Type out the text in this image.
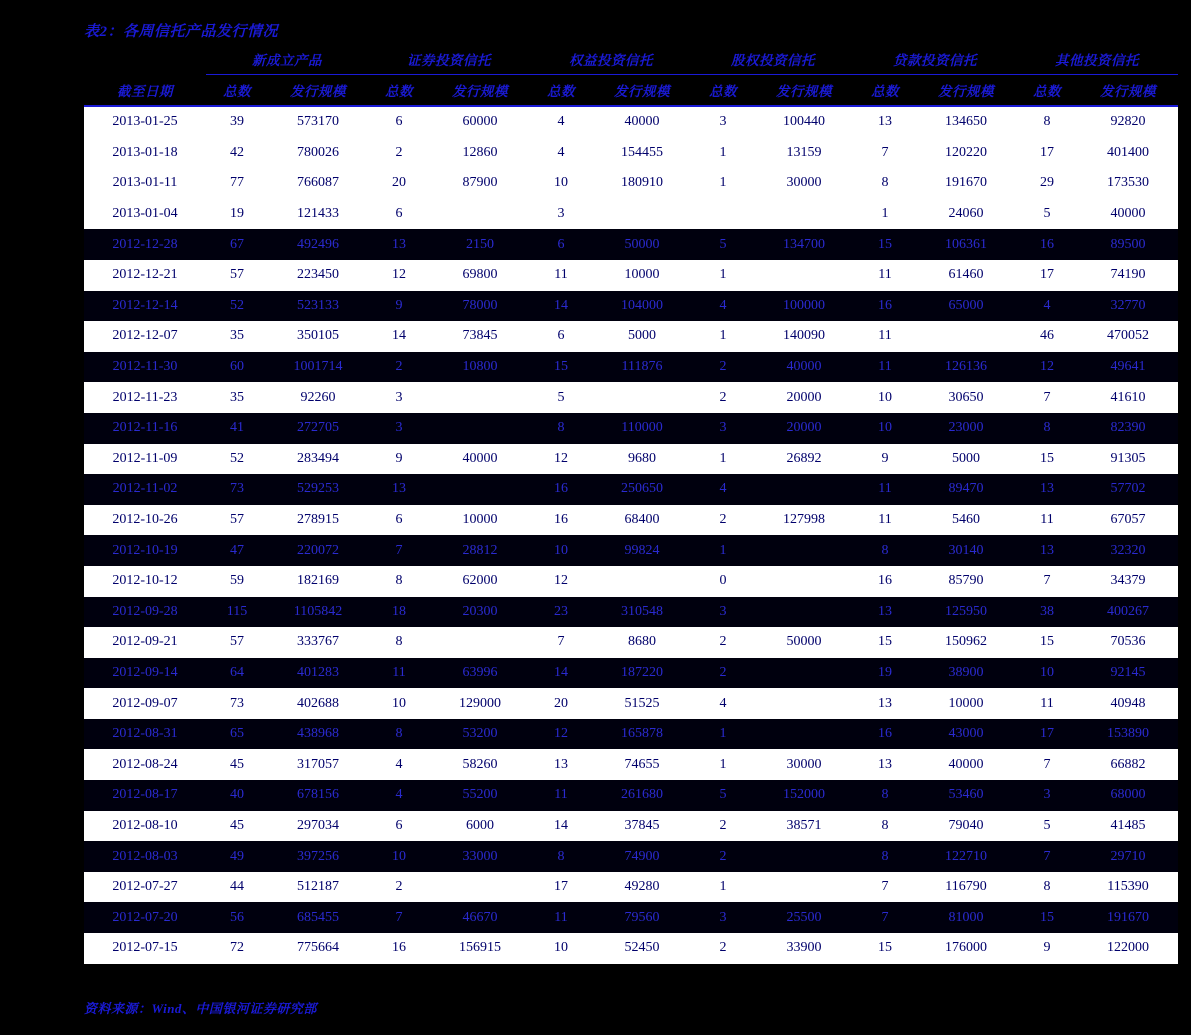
表2：各周信托产品发行情况
	新成立产品		证券投资信托		权益投资信托		股权投资信托		贷款投资信托		其他投资信托	
截至日期	总数	发行规模	总数	发行规模	总数	发行规模	总数	发行规模	总数	发行规模	总数	发行规模
2013-01-25	39	573170	6	60000	4	40000	3	100440	13	134650	8	92820
2013-01-18	42	780026	2	12860	4	154455	1	13159	7	120220	17	401400
2013-01-11	77	766087	20	87900	10	180910	1	30000	8	191670	29	173530
2013-01-04	19	121433	6		3				1	24060	5	40000
2012-12-28	67	492496	13	2150	6	50000	5	134700	15	106361	16	89500
2012-12-21	57	223450	12	69800	11	10000	1		11	61460	17	74190
2012-12-14	52	523133	9	78000	14	104000	4	100000	16	65000	4	32770
2012-12-07	35	350105	14	73845	6	5000	1	140090	11		46	470052
2012-11-30	60	1001714	2	10800	15	111876	2	40000	11	126136	12	49641
2012-11-23	35	92260	3		5		2	20000	10	30650	7	41610
2012-11-16	41	272705	3		8	110000	3	20000	10	23000	8	82390
2012-11-09	52	283494	9	40000	12	9680	1	26892	9	5000	15	91305
2012-11-02	73	529253	13		16	250650	4		11	89470	13	57702
2012-10-26	57	278915	6	10000	16	68400	2	127998	11	5460	11	67057
2012-10-19	47	220072	7	28812	10	99824	1		8	30140	13	32320
2012-10-12	59	182169	8	62000	12		0		16	85790	7	34379
2012-09-28	115	1105842	18	20300	23	310548	3		13	125950	38	400267
2012-09-21	57	333767	8		7	8680	2	50000	15	150962	15	70536
2012-09-14	64	401283	11	63996	14	187220	2		19	38900	10	92145
2012-09-07	73	402688	10	129000	20	51525	4		13	10000	11	40948
2012-08-31	65	438968	8	53200	12	165878	1		16	43000	17	153890
2012-08-24	45	317057	4	58260	13	74655	1	30000	13	40000	7	66882
2012-08-17	40	678156	4	55200	11	261680	5	152000	8	53460	3	68000
2012-08-10	45	297034	6	6000	14	37845	2	38571	8	79040	5	41485
2012-08-03	49	397256	10	33000	8	74900	2		8	122710	7	29710
2012-07-27	44	512187	2		17	49280	1		7	116790	8	115390
2012-07-20	56	685455	7	46670	11	79560	3	25500	7	81000	15	191670
2012-07-15	72	775664	16	156915	10	52450	2	33900	15	176000	9	122000
资料来源：Wind、中国银河证券研究部
